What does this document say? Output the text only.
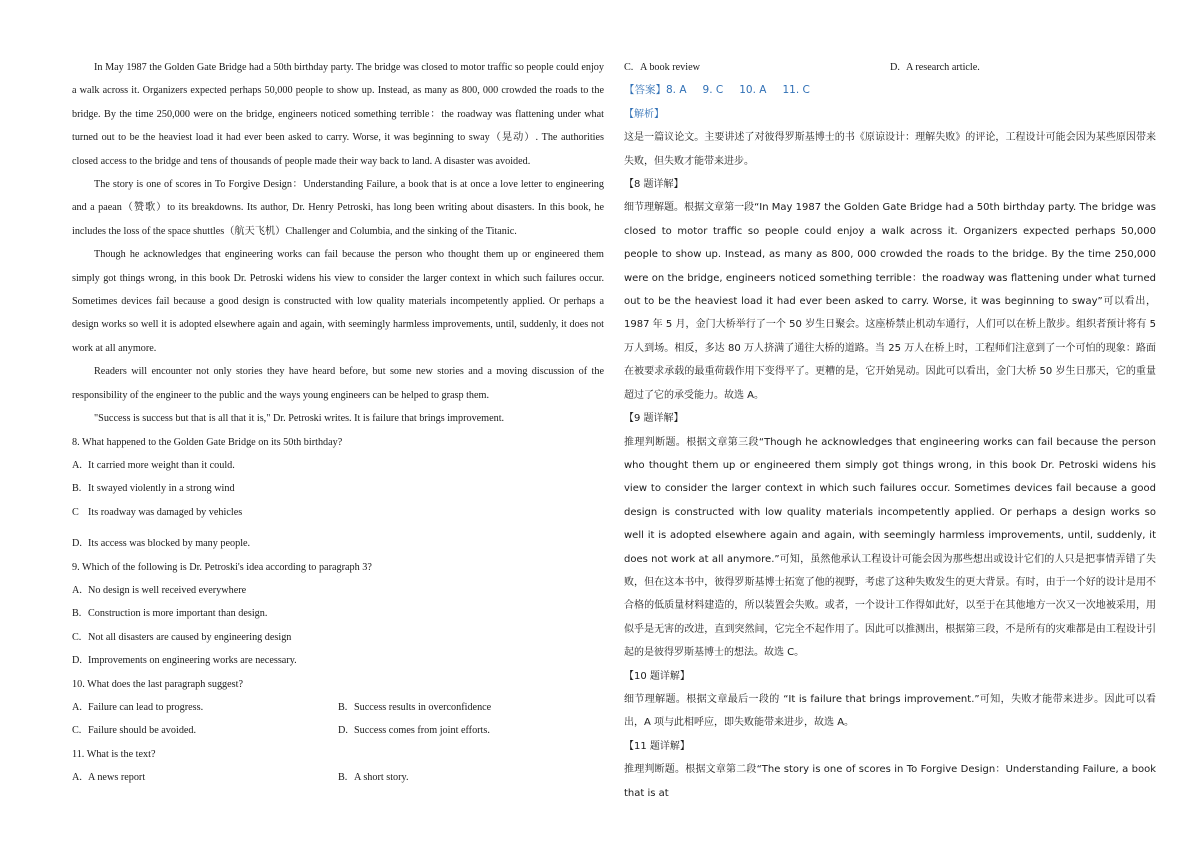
In May 1987 the Golden Gate Bridge had a 50th birthday party. The bridge was closed to motor traffic so people could enjoy a walk across it. Organizers expected perhaps 50,000 people to show up. Instead, as many as 800, 000 crowded the roads to the bridge. By the time 250,000 were on the bridge, engineers noticed something terrible：the roadway was flattening under what turned out to be the heaviest load it had ever been asked to carry. Worse, it was beginning to sway（晃动）. The authorities closed access to the bridge and tens of thousands of people made their way back to land. A disaster was avoided.

The story is one of scores in To Forgive Design：Understanding Failure, a book that is at once a love letter to engineering and a paean（赞歌）to its breakdowns. Its author, Dr. Henry Petroski, has long been writing about disasters. In this book, he includes the loss of the space shuttles（航天飞机）Challenger and Columbia, and the sinking of the Titanic.

Though he acknowledges that engineering works can fail because the person who thought them up or engineered them simply got things wrong, in this book Dr. Petroski widens his view to consider the larger context in which such failures occur. Sometimes devices fail because a good design is constructed with low quality materials incompetently applied. Or perhaps a design works so well it is adopted elsewhere again and again, with seemingly harmless improvements, until, suddenly, it does not work at all anymore.

Readers will encounter not only stories they have heard before, but some new stories and a moving discussion of the responsibility of the engineer to the public and the ways young engineers can be helped to grasp them.

"Success is success but that is all that it is," Dr. Petroski writes. It is failure that brings improvement.

8. What happened to the Golden Gate Bridge on its 50th birthday?

A. It carried more weight than it could.
B. It swayed violently in a strong wind
C Its roadway was damaged by vehicles
D. Its access was blocked by many people.

9. Which of the following is Dr. Petroski's idea according to paragraph 3?

A. No design is well received everywhere
B. Construction is more important than design.
C. Not all disasters are caused by engineering design
D. Improvements on engineering works are necessary.

10. What does the last paragraph suggest?

A. Failure can lead to progress.	B. Success results in overconfidence
C. Failure should be avoided.	D. Success comes from joint efforts.

11. What is the text?

A. A news report	B. A short story.
C. A book review	D. A research article.
【答案】8. A 9. C 10. A 11. C
【解析】

这是一篇议论文。主要讲述了对彼得罗斯基博士的书《原谅设计：理解失败》的评论，工程设计可能会因为某些原因带来失败，但失败才能带来进步。

【8 题详解】

细节理解题。根据文章第一段“In May 1987 the Golden Gate Bridge had a 50th birthday party. The bridge was closed to motor traffic so people could enjoy a walk across it. Organizers expected perhaps 50,000 people to show up. Instead, as many as 800, 000 crowded the roads to the bridge. By the time 250,000 were on the bridge, engineers noticed something terrible：the roadway was flattening under what turned out to be the heaviest load it had ever been asked to carry. Worse, it was beginning to sway”可以看出，1987 年 5 月，金门大桥举行了一个 50 岁生日聚会。这座桥禁止机动车通行，人们可以在桥上散步。组织者预计将有 5 万人到场。相反，多达 80 万人挤满了通往大桥的道路。当 25 万人在桥上时，工程师们注意到了一个可怕的现象：路面在被要求承载的最重荷载作用下变得平了。更糟的是，它开始晃动。因此可以看出，金门大桥 50 岁生日那天，它的重量超过了它的承受能力。故选 A。

【9 题详解】

推理判断题。根据文章第三段“Though he acknowledges that engineering works can fail because the person who thought them up or engineered them simply got things wrong, in this book Dr. Petroski widens his view to consider the larger context in which such failures occur. Sometimes devices fail because a good design is constructed with low quality materials incompetently applied. Or perhaps a design works so well it is adopted elsewhere again and again, with seemingly harmless improvements, until, suddenly, it does not work at all anymore.”可知，虽然他承认工程设计可能会因为那些想出或设计它们的人只是把事情弄错了失败，但在这本书中，彼得罗斯基博士拓宽了他的视野，考虑了这种失败发生的更大背景。有时，由于一个好的设计是用不合格的低质量材料建造的，所以装置会失败。或者，一个设计工作得如此好，以至于在其他地方一次又一次地被采用，用似乎是无害的改进，直到突然间，它完全不起作用了。因此可以推测出，根据第三段，不是所有的灾难都是由工程设计引起的是彼得罗斯基博士的想法。故选 C。

【10 题详解】

细节理解题。根据文章最后一段的 “It is failure that brings improvement.”可知，失败才能带来进步。因此可以看出，A 项与此相呼应，即失败能带来进步，故选 A。

【11 题详解】

推理判断题。根据文章第二段“The story is one of scores in To Forgive Design：Understanding Failure, a book that is at
